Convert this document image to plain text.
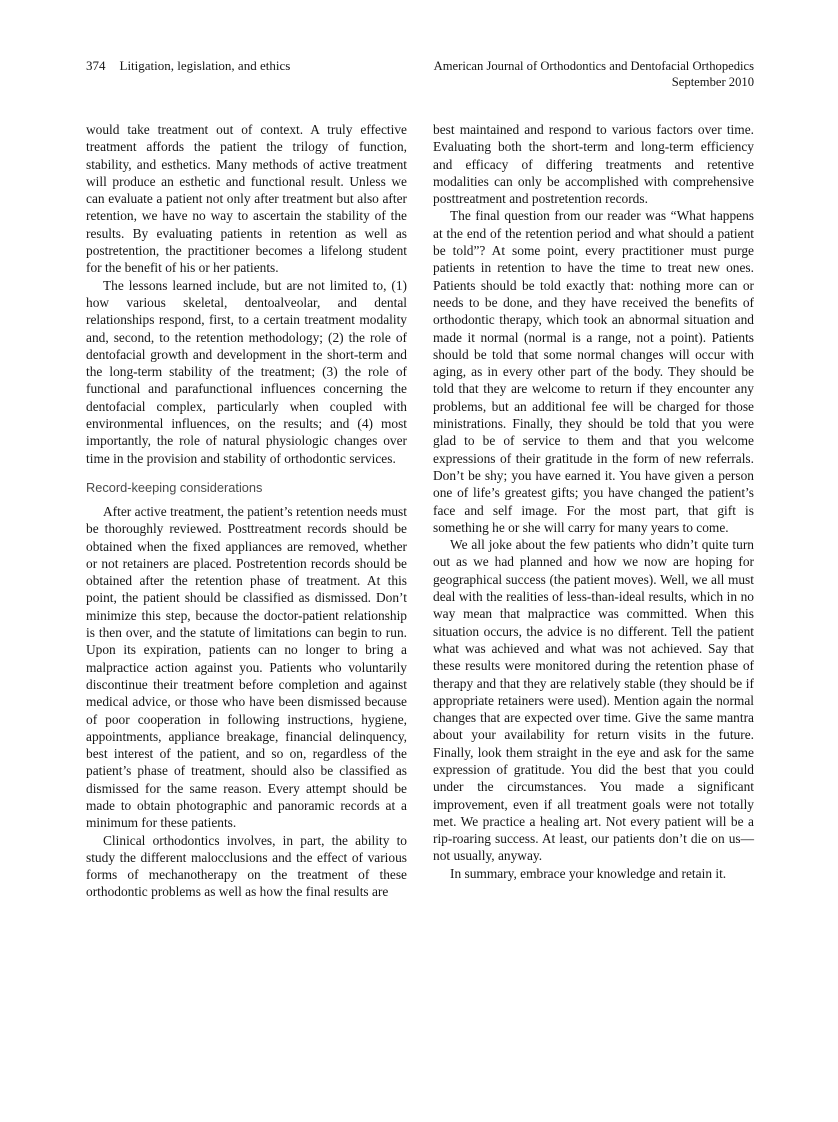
374 Litigation, legislation, and ethics	American Journal of Orthodontics and Dentofacial Orthopedics
September 2010

would take treatment out of context. A truly effective treatment affords the patient the trilogy of function, stability, and esthetics. Many methods of active treatment will produce an esthetic and functional result. Unless we can evaluate a patient not only after treatment but also after retention, we have no way to ascertain the stability of the results. By evaluating patients in retention as well as postretention, the practitioner becomes a lifelong student for the benefit of his or her patients.

The lessons learned include, but are not limited to, (1) how various skeletal, dentoalveolar, and dental relationships respond, first, to a certain treatment modality and, second, to the retention methodology; (2) the role of dentofacial growth and development in the short-term and the long-term stability of the treatment; (3) the role of functional and parafunctional influences concerning the dentofacial complex, particularly when coupled with environmental influences, on the results; and (4) most importantly, the role of natural physiologic changes over time in the provision and stability of orthodontic services.

Record-keeping considerations

After active treatment, the patient’s retention needs must be thoroughly reviewed. Posttreatment records should be obtained when the fixed appliances are removed, whether or not retainers are placed. Postretention records should be obtained after the retention phase of treatment. At this point, the patient should be classified as dismissed. Don’t minimize this step, because the doctor-patient relationship is then over, and the statute of limitations can begin to run. Upon its expiration, patients can no longer to bring a malpractice action against you. Patients who voluntarily discontinue their treatment before completion and against medical advice, or those who have been dismissed because of poor cooperation in following instructions, hygiene, appointments, appliance breakage, financial delinquency, best interest of the patient, and so on, regardless of the patient’s phase of treatment, should also be classified as dismissed for the same reason. Every attempt should be made to obtain photographic and panoramic records at a minimum for these patients.

Clinical orthodontics involves, in part, the ability to study the different malocclusions and the effect of various forms of mechanotherapy on the treatment of these orthodontic problems as well as how the final results are

best maintained and respond to various factors over time. Evaluating both the short-term and long-term efficiency and efficacy of differing treatments and retentive modalities can only be accomplished with comprehensive posttreatment and postretention records.

The final question from our reader was “What happens at the end of the retention period and what should a patient be told”? At some point, every practitioner must purge patients in retention to have the time to treat new ones. Patients should be told exactly that: nothing more can or needs to be done, and they have received the benefits of orthodontic therapy, which took an abnormal situation and made it normal (normal is a range, not a point). Patients should be told that some normal changes will occur with aging, as in every other part of the body. They should be told that they are welcome to return if they encounter any problems, but an additional fee will be charged for those ministrations. Finally, they should be told that you were glad to be of service to them and that you welcome expressions of their gratitude in the form of new referrals. Don’t be shy; you have earned it. You have given a person one of life’s greatest gifts; you have changed the patient’s face and self image. For the most part, that gift is something he or she will carry for many years to come.

We all joke about the few patients who didn’t quite turn out as we had planned and how we now are hoping for geographical success (the patient moves). Well, we all must deal with the realities of less-than-ideal results, which in no way mean that malpractice was committed. When this situation occurs, the advice is no different. Tell the patient what was achieved and what was not achieved. Say that these results were monitored during the retention phase of therapy and that they are relatively stable (they should be if appropriate retainers were used). Mention again the normal changes that are expected over time. Give the same mantra about your availability for return visits in the future. Finally, look them straight in the eye and ask for the same expression of gratitude. You did the best that you could under the circumstances. You made a significant improvement, even if all treatment goals were not totally met. We practice a healing art. Not every patient will be a rip-roaring success. At least, our patients don’t die on us—not usually, anyway.

In summary, embrace your knowledge and retain it.
